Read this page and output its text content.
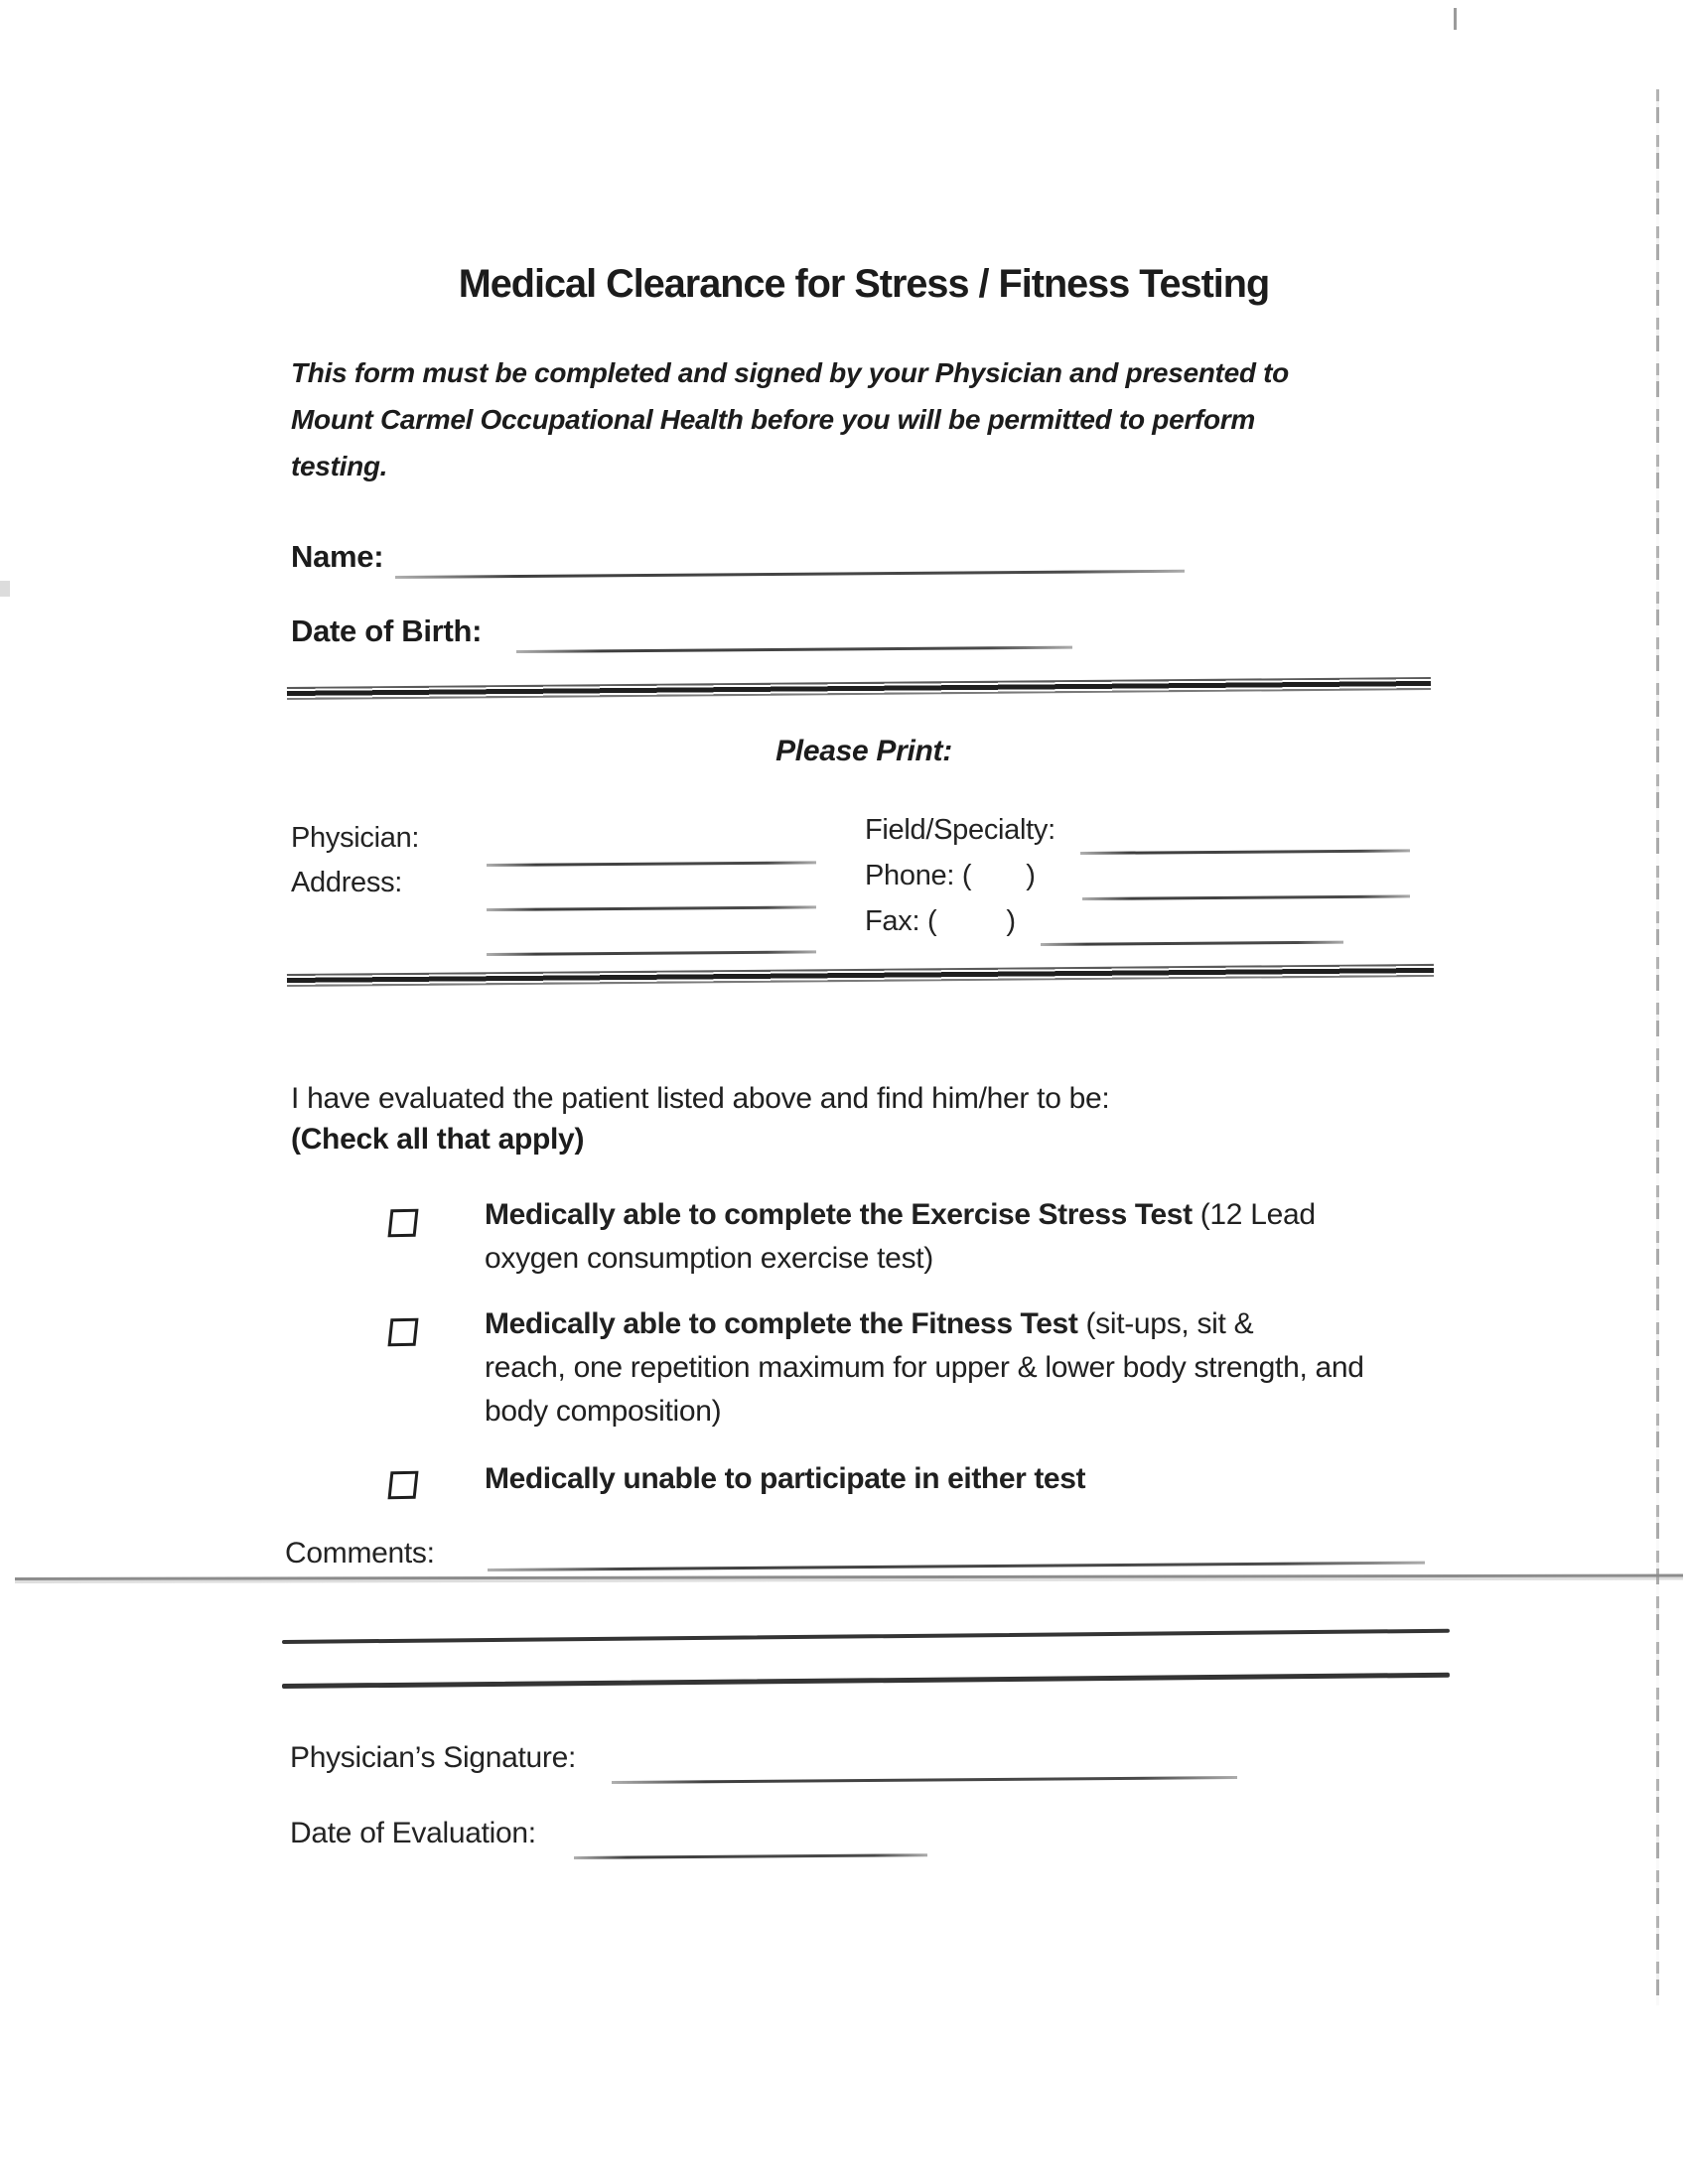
Medical Clearance for Stress / Fitness Testing
This form must be completed and signed by your Physician and presented to
Mount Carmel Occupational Health before you will be permitted to perform
testing.
Name:
Date of Birth:
Please Print:
Physician:	Field/Specialty:
Address:	Phone: ( )
Fax: ( )
I have evaluated the patient listed above and find him/her to be:
(Check all that apply)
Medically able to complete the Exercise Stress Test (12 Lead
oxygen consumption exercise test)
Medically able to complete the Fitness Test (sit-ups, sit &
reach, one repetition maximum for upper & lower body strength, and
body composition)
Medically unable to participate in either test
Comments:
Physician’s Signature:
Date of Evaluation:
